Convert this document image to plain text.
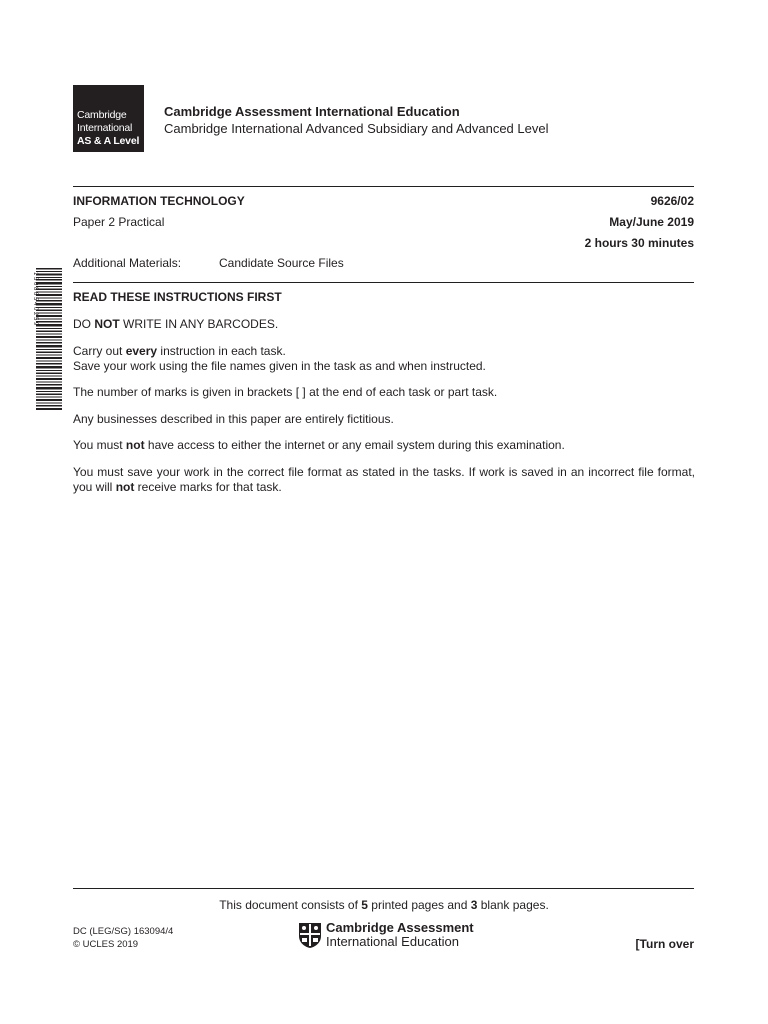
Cambridge
International
AS & A Level
Cambridge Assessment International Education
Cambridge International Advanced Subsidiary and Advanced Level
INFORMATION TECHNOLOGY	9626/02
Paper 2 Practical	May/June 2019
2 hours 30 minutes
Additional Materials:	Candidate Source Files
1 3 0 8 8 5 4 0 2 5 9	READ THESE INSTRUCTIONS FIRST
DO NOT WRITE IN ANY BARCODES.
Carry out every instruction in each task.
Save your work using the file names given in the task as and when instructed.
The number of marks is given in brackets [ ] at the end of each task or part task.
Any businesses described in this paper are entirely fictitious.
You must not have access to either the internet or any email system during this examination.
You must save your work in the correct file format as stated in the tasks. If work is saved in an incorrect file format, you will not receive marks for that task.
This document consists of 5 printed pages and 3 blank pages.
DC (LEG/SG) 163094/4
© UCLES 2019
Cambridge Assessment
International Education	[Turn over
